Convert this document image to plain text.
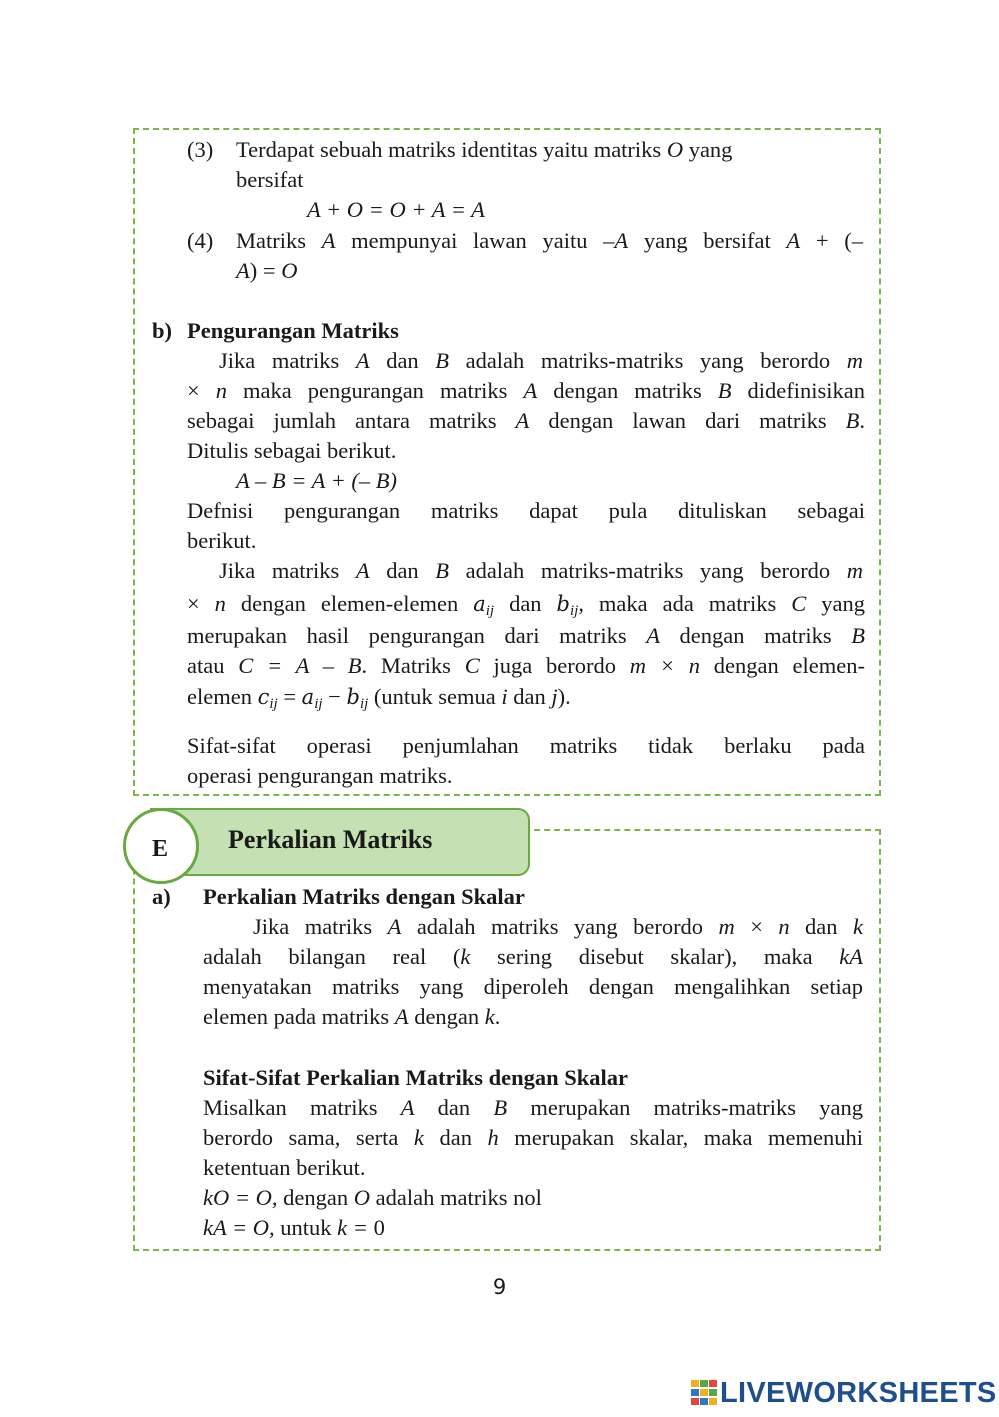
(3) Terdapat sebuah matriks identitas yaitu matriks O yang
bersifat
A + O = O + A = A
(4) Matriks A mempunyai lawan yaitu –A yang bersifat A + (–
A) = O
b) Pengurangan Matriks
Jika matriks A dan B adalah matriks-matriks yang berordo m
× n maka pengurangan matriks A dengan matriks B didefinisikan
sebagai jumlah antara matriks A dengan lawan dari matriks B.
Ditulis sebagai berikut.
A – B = A + (– B)
Defnisi pengurangan matriks dapat pula dituliskan sebagai
berikut.
Jika matriks A dan B adalah matriks-matriks yang berordo m
× n dengan elemen-elemen $a_{ij}$ dan $b_{ij}$, maka ada matriks C yang
merupakan hasil pengurangan dari matriks A dengan matriks B
atau C = A – B. Matriks C juga berordo m × n dengan elemen-
elemen $c_{ij} = a_{ij} - b_{ij}$ (untuk semua i dan j).
Sifat-sifat operasi penjumlahan matriks tidak berlaku pada
operasi pengurangan matriks.
E Perkalian Matriks
a) Perkalian Matriks dengan Skalar
Jika matriks A adalah matriks yang berordo m × n dan k
adalah bilangan real (k sering disebut skalar), maka kA
menyatakan matriks yang diperoleh dengan mengalihkan setiap
elemen pada matriks A dengan k.
Sifat-Sifat Perkalian Matriks dengan Skalar
Misalkan matriks A dan B merupakan matriks-matriks yang
berordo sama, serta k dan h merupakan skalar, maka memenuhi
ketentuan berikut.
kO = O, dengan O adalah matriks nol
kA = O, untuk k = 0
9
LIVEWORKSHEETS
